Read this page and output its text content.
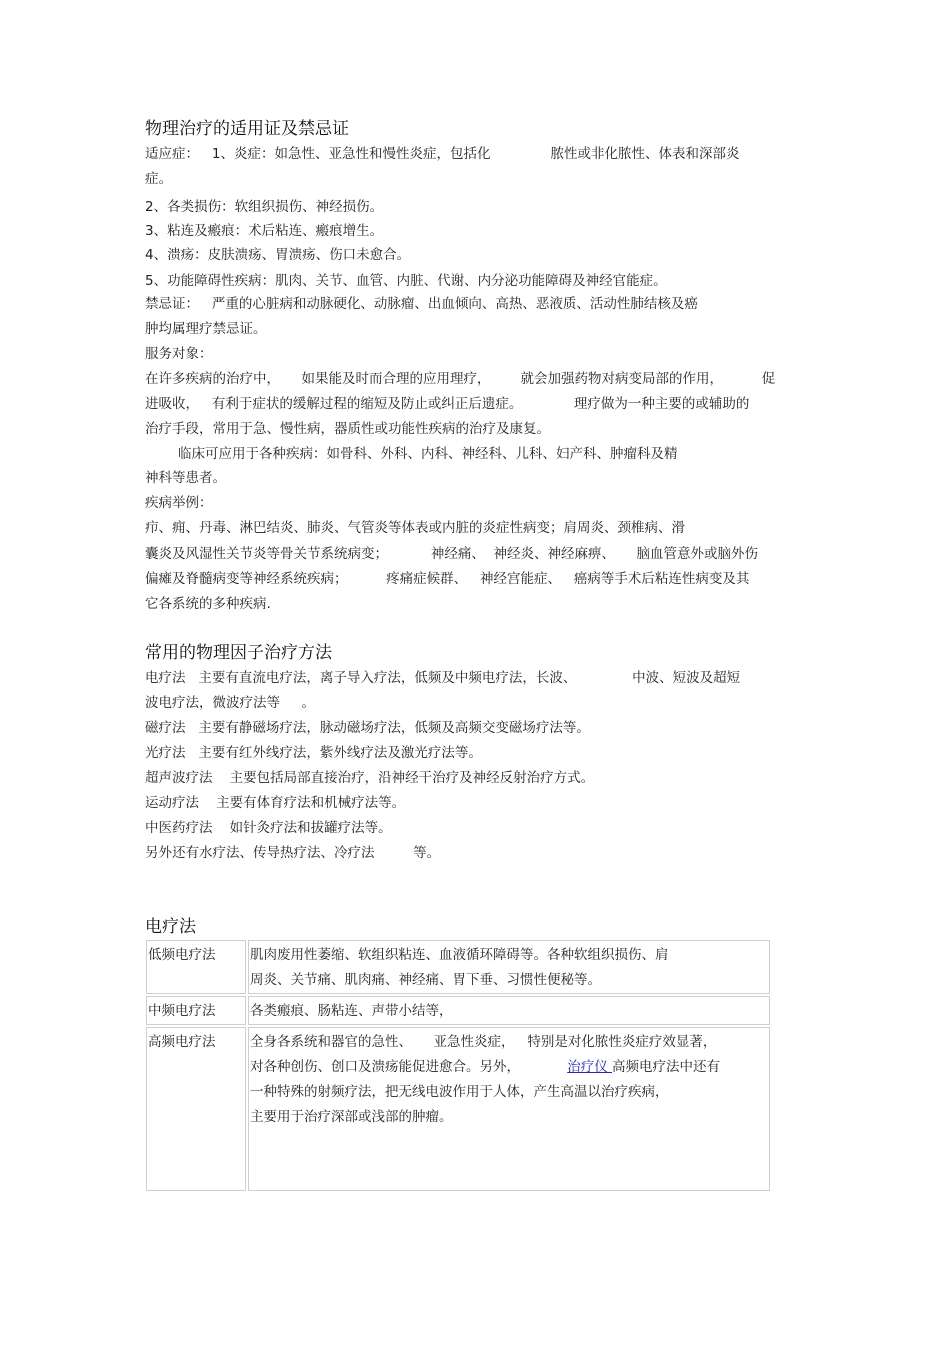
物理治疗的适用证及禁忌证
适应症：   1、炎症：如急性、亚急性和慢性炎症，包括化              脓性或非化脓性、体表和深部炎
症。
2、各类损伤：软组织损伤、神经损伤。
3、粘连及瘢痕：术后粘连、瘢痕增生。
4、溃疡：皮肤溃疡、胃溃疡、伤口未愈合。
5、功能障碍性疾病：肌肉、关节、血管、内脏、代谢、内分泌功能障碍及神经官能症。
禁忌证：   严重的心脏病和动脉硬化、动脉瘤、出血倾向、高热、恶液质、活动性肺结核及癌
肿均属理疗禁忌证。
服务对象：
在许多疾病的治疗中，     如果能及时而合理的应用理疗，       就会加强药物对病变局部的作用，         促
进吸收，   有利于症状的缓解过程的缩短及防止或纠正后遗症。            理疗做为一种主要的或辅助的
治疗手段，常用于急、慢性病，器质性或功能性疾病的治疗及康复。
临床可应用于各种疾病：如骨科、外科、内科、神经科、儿科、妇产科、肿瘤科及精
神科等患者。
疾病举例：
疖、痈、丹毒、淋巴结炎、肺炎、气管炎等体表或内脏的炎症性病变；肩周炎、颈椎病、滑
囊炎及风湿性关节炎等骨关节系统病变；          神经痛、  神经炎、神经麻痹、     脑血管意外或脑外伤
偏瘫及脊髓病变等神经系统疾病；         疼痛症候群、   神经宫能症、   癌病等手术后粘连性病变及其
它各系统的多种疾病.
常用的物理因子治疗方法
电疗法   主要有直流电疗法，离子导入疗法，低频及中频电疗法，长波、             中波、短波及超短
波电疗法，微波疗法等     。
磁疗法   主要有静磁场疗法，脉动磁场疗法，低频及高频交变磁场疗法等。
光疗法   主要有红外线疗法，紫外线疗法及激光疗法等。
超声波疗法    主要包括局部直接治疗，沿神经干治疗及神经反射治疗方式。
运动疗法    主要有体育疗法和机械疗法等。
中医药疗法    如针灸疗法和拔罐疗法等。
另外还有水疗法、传导热疗法、冷疗法         等。
电疗法
低频电疗法	肌肉废用性萎缩、软组织粘连、血液循环障碍等。各种软组织损伤、肩

周炎、关节痛、肌肉痛、神经痛、胃下垂、习惯性便秘等。

中频电疗法	各类瘢痕、肠粘连、声带小结等，

高频电疗法	全身各系统和器官的急性、     亚急性炎症，   特别是对化脓性炎症疗效显著，

对各种创伤、创口及溃疡能促进愈合。另外，           治疗仪 高频电疗法中还有

一种特殊的射频疗法，把无线电波作用于人体，产生高温以治疗疾病，

主要用于治疗深部或浅部的肿瘤。
